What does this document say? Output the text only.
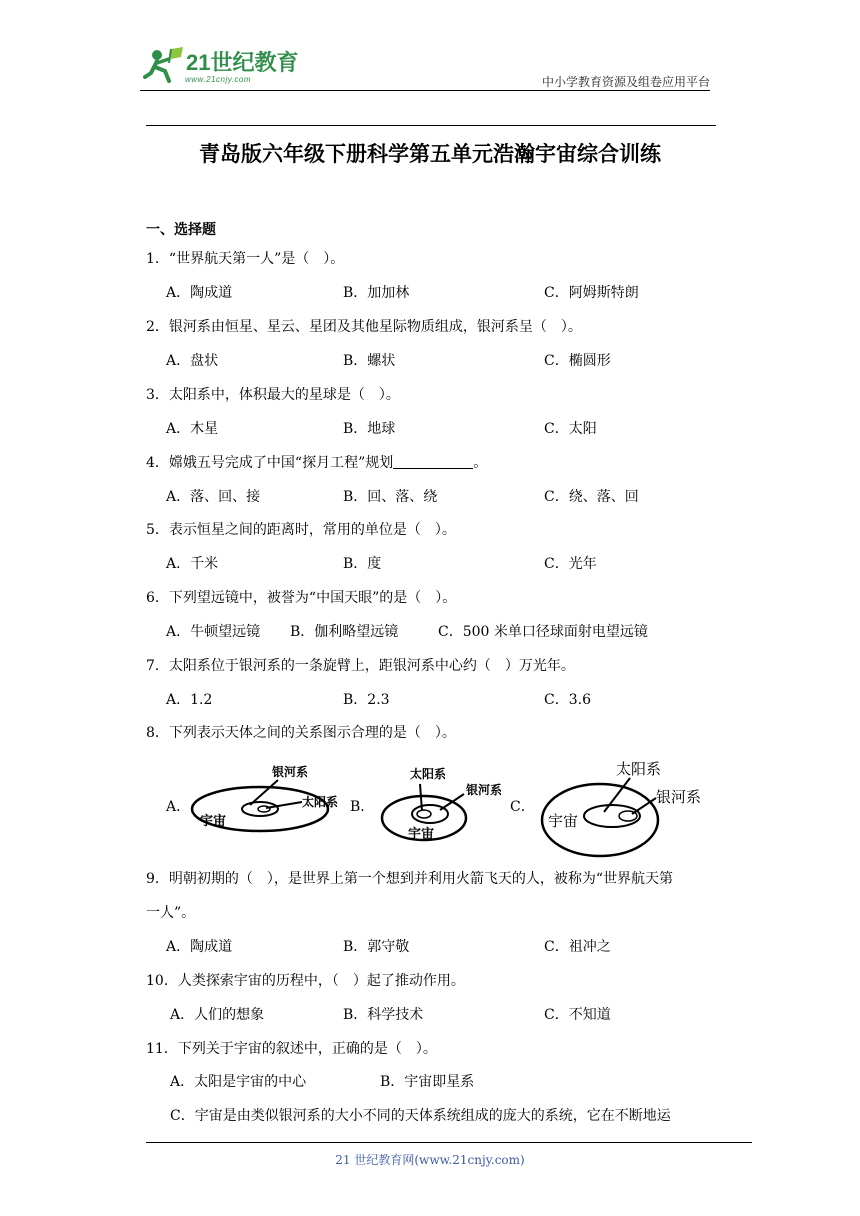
21世纪教育
www.21cnjy.com	中小学教育资源及组卷应用平台
青岛版六年级下册科学第五单元浩瀚宇宙综合训练
一、选择题
1．“世界航天第一人”是（　）。
A．陶成道	B．加加林	C．阿姆斯特朗
2．银河系由恒星、星云、星团及其他星际物质组成，银河系呈（　）。
A．盘状	B．螺状	C．椭圆形
3．太阳系中，体积最大的星球是（　）。
A．木星	B．地球	C．太阳
4．嫦娥五号完成了中国“探月工程”规划	。
A．落、回、接	B．回、落、绕	C．绕、落、回
5．表示恒星之间的距离时，常用的单位是（　）。
A．千米	B．度	C．光年
6．下列望远镜中，被誉为“中国天眼”的是（　）。
A．牛顿望远镜 B．伽利略望远镜	C．500 米单口径球面射电望远镜
7．太阳系位于银河系的一条旋臂上，距银河系中心约（　）万光年。
A．1.2	B．2.3	C．3.6
8．下列表示天体之间的关系图示合理的是（　）。
A．	B．	C．
银河系
太阳系
宇宙
太阳系
银河系
宇宙
太阳系
银河系
宇宙
9．明朝初期的（　），是世界上第一个想到并利用火箭飞天的人，被称为“世界航天第
一人”。
A．陶成道	B．郭守敬	C．祖冲之
10．人类探索宇宙的历程中，（　）起了推动作用。
A．人们的想象	B．科学技术	C．不知道
11．下列关于宇宙的叙述中，正确的是（　）。
A．太阳是宇宙的中心	B．宇宙即星系
C．宇宙是由类似银河系的大小不同的天体系统组成的庞大的系统，它在不断地运
21 世纪教育网(www.21cnjy.com)
